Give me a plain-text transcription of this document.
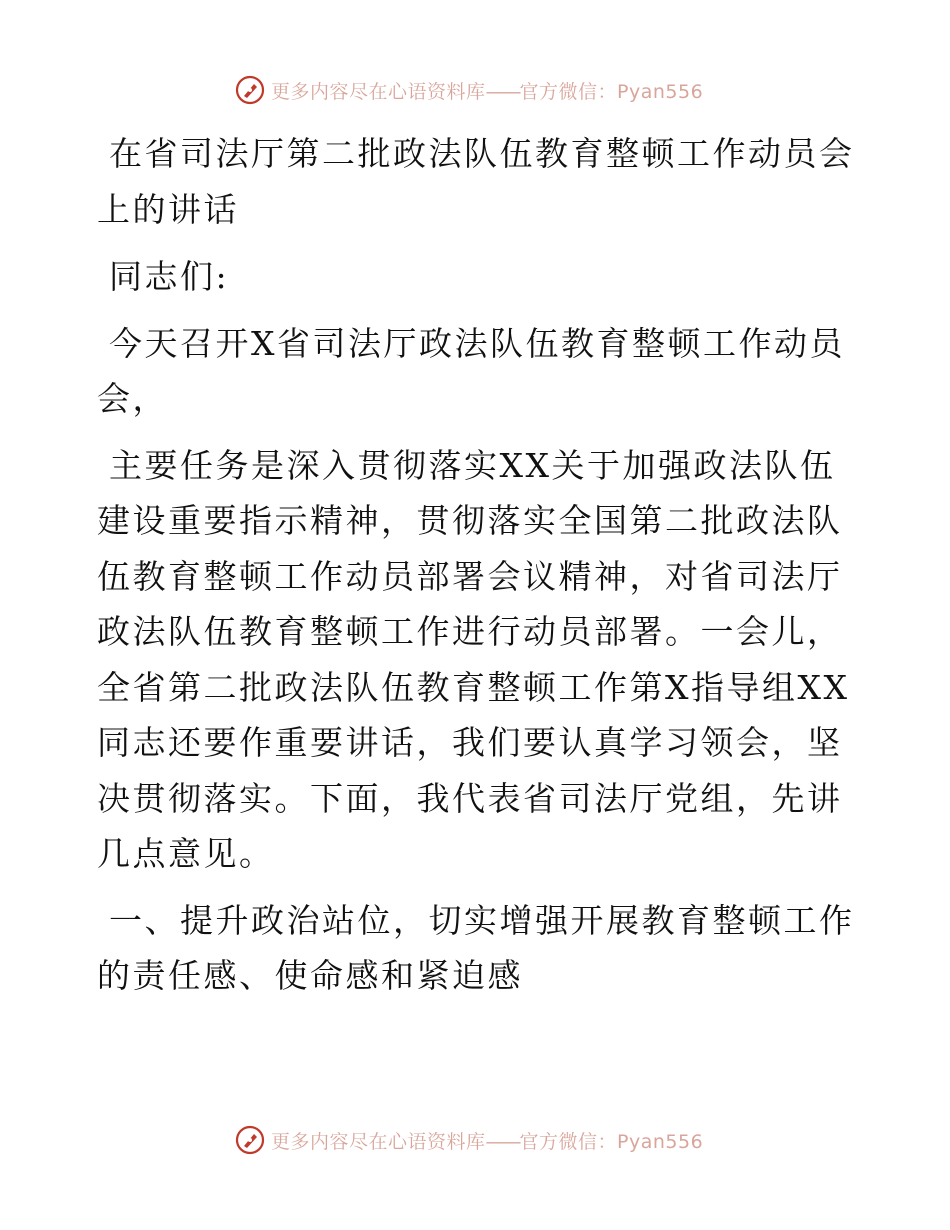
更多内容尽在心语资料库——官方微信：Pyan556

在省司法厅第二批政法队伍教育整顿工作动员会上的讲话

同志们:

今天召开X省司法厅政法队伍教育整顿工作动员会，

主要任务是深入贯彻落实XX关于加强政法队伍建设重要指示精神，贯彻落实全国第二批政法队伍教育整顿工作动员部署会议精神，对省司法厅政法队伍教育整顿工作进行动员部署。一会儿，全省第二批政法队伍教育整顿工作第X指导组XX同志还要作重要讲话，我们要认真学习领会，坚决贯彻落实。下面，我代表省司法厅党组，先讲几点意见。

一、提升政治站位，切实增强开展教育整顿工作的责任感、使命感和紧迫感

更多内容尽在心语资料库——官方微信：Pyan556
